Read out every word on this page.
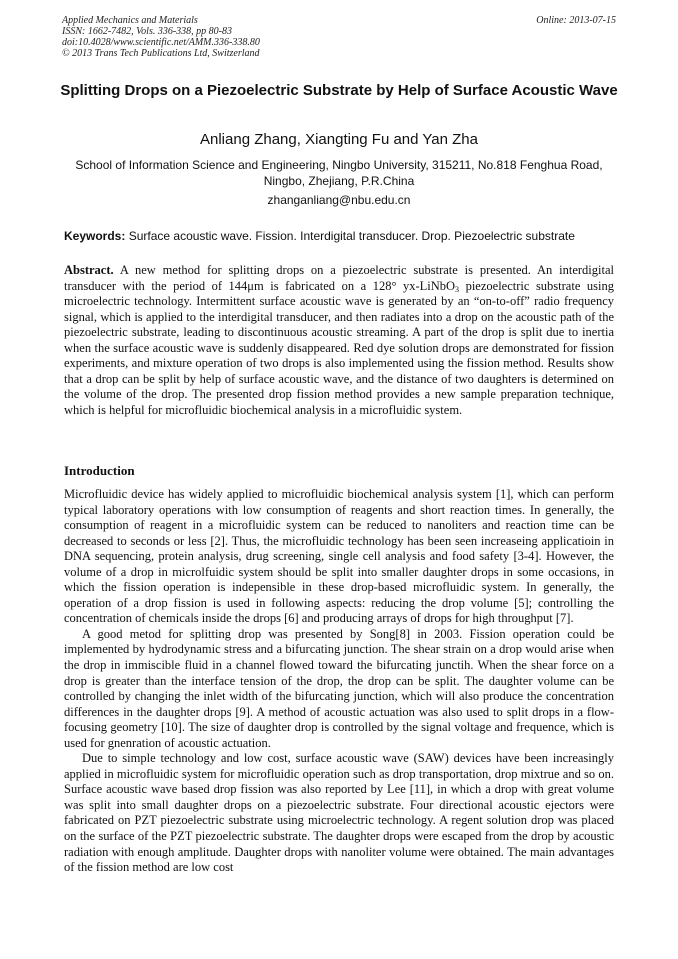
Applied Mechanics and Materials
ISSN: 1662-7482, Vols. 336-338, pp 80-83
doi:10.4028/www.scientific.net/AMM.336-338.80
© 2013 Trans Tech Publications Ltd, Switzerland
Online: 2013-07-15
Splitting Drops on a Piezoelectric Substrate by Help of Surface Acoustic Wave
Anliang Zhang, Xiangting Fu and Yan Zha
School of Information Science and Engineering, Ningbo University, 315211, No.818 Fenghua Road, Ningbo, Zhejiang, P.R.China
zhanganliang@nbu.edu.cn
Keywords: Surface acoustic wave. Fission. Interdigital transducer. Drop. Piezoelectric substrate
Abstract. A new method for splitting drops on a piezoelectric substrate is presented. An interdigital transducer with the period of 144μm is fabricated on a 128° yx-LiNbO$_3$ piezoelectric substrate using microelectric technology. Intermittent surface acoustic wave is generated by an “on-to-off” radio frequency signal, which is applied to the interdigital transducer, and then radiates into a drop on the acoustic path of the piezoelectric substrate, leading to discontinuous acoustic streaming. A part of the drop is split due to inertia when the surface acoustic wave is suddenly disappeared. Red dye solution drops are demonstrated for fission experiments, and mixture operation of two drops is also implemented using the fission method. Results show that a drop can be split by help of surface acoustic wave, and the distance of two daughters is determined on the volume of the drop. The presented drop fission method provides a new sample preparation technique, which is helpful for microfluidic biochemical analysis in a microfluidic system.
Introduction

Microfluidic device has widely applied to microfluidic biochemical analysis system [1], which can perform typical laboratory operations with low consumption of reagents and short reaction times. In generally, the consumption of reagent in a microfluidic system can be reduced to nanoliters and reaction time can be decreased to seconds or less [2]. Thus, the microfluidic technology has been seen increaseing applicatioin in DNA sequencing, protein analysis, drug screening, single cell analysis and food safety [3-4]. However, the volume of a drop in microlfuidic system should be split into smaller daughter drops in some occasions, in which the fission operation is indepensible in these drop-based microfluidic system. In generally, the operation of a drop fission is used in following aspects: reducing the drop volume [5]; controlling the concentration of chemicals inside the drops [6] and producing arrays of drops for high throughput [7].

A good metod for splitting drop was presented by Song[8] in 2003. Fission operation could be implemented by hydrodynamic stress and a bifurcating junction. The shear strain on a drop would arise when the drop in immiscible fluid in a channel flowed toward the bifurcating junctih. When the shear force on a drop is greater than the interface tension of the drop, the drop can be split. The daughter volume can be controlled by changing the inlet width of the bifurcating junction, which will also produce the concentration differences in the daughter drops [9]. A method of acoustic actuation was also used to split drops in a flow-focusing geometry [10]. The size of daughter drop is controlled by the signal voltage and frequence, which is used for gnenration of acoustic actuation.

Due to simple technology and low cost, surface acoustic wave (SAW) devices have been increasingly applied in microfluidic system for microfluidic operation such as drop transportation, drop mixtrue and so on. Surface acoustic wave based drop fission was also reported by Lee [11], in which a drop with great volume was split into small daughter drops on a piezoelectric substrate. Four directional acoustic ejectors were fabricated on PZT piezoelectric substrate using microelectric technology. A regent solution drop was placed on the surface of the PZT piezoelectric substrate. The daughter drops were escaped from the drop by acoustic radiation with enough amplitude. Daughter drops with nanoliter volume were obtained. The main advantages of the fission method are low cost
